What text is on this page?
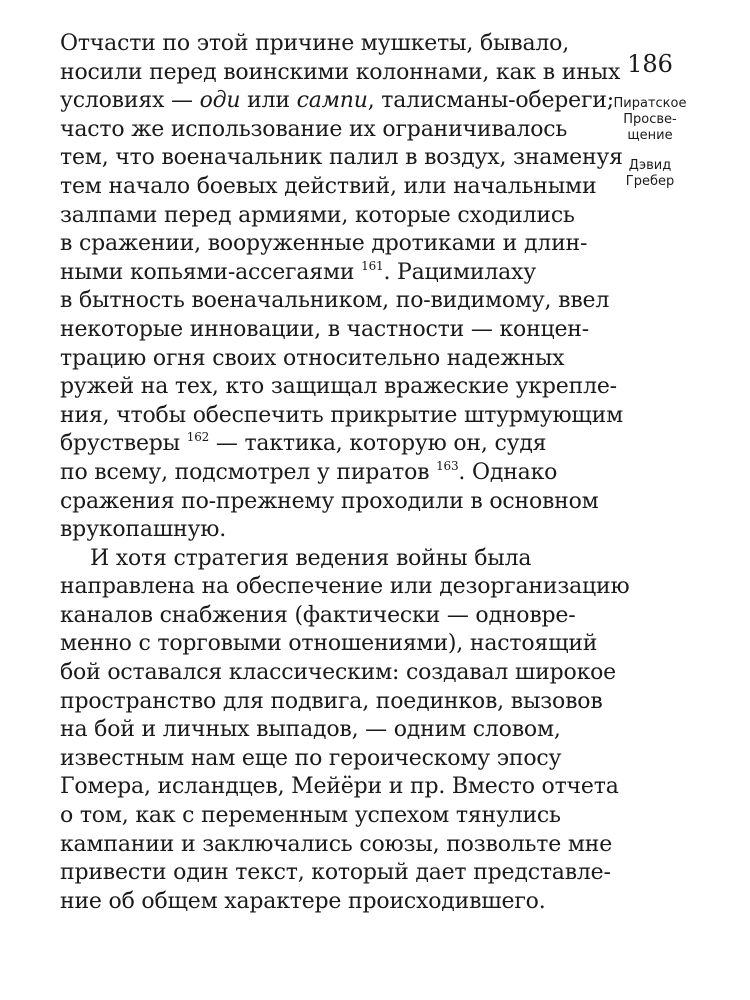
Отчасти по этой причине мушкеты, бывало,
носили перед воинскими колоннами, как в иных
условиях — оди или сампи, талисманы-обереги;
часто же использование их ограничивалось
тем, что военачальник палил в воздух, знаменуя
тем начало боевых действий, или начальными
залпами перед армиями, которые сходились
в сражении, вооруженные дротиками и длин-
ными копьями-ассегаями $^{161}$. Рацимилаху
в бытность военачальником, по-видимому, ввел
некоторые инновации, в частности — концен-
трацию огня своих относительно надежных
ружей на тех, кто защищал вражеские укрепле-
ния, чтобы обеспечить прикрытие штурмующим
брустверы $^{162}$ — тактика, которую он, судя
по всему, подсмотрел у пиратов $^{163}$. Однако
сражения по-прежнему проходили в основном
врукопашную.
И хотя стратегия ведения войны была
направлена на обеспечение или дезорганизацию
каналов снабжения (фактически — одновре-
менно с торговыми отношениями), настоящий
бой оставался классическим: создавал широкое
пространство для подвига, поединков, вызовов
на бой и личных выпадов, — одним словом,
известным нам еще по героическому эпосу
Гомера, исландцев, Мейёри и пр. Вместо отчета
о том, как с переменным успехом тянулись
кампании и заключались союзы, позвольте мне
привести один текст, который дает представле-
ние об общем характере происходившего.
186
Пиратское
Просве-
щение
Дэвид
Гребер
